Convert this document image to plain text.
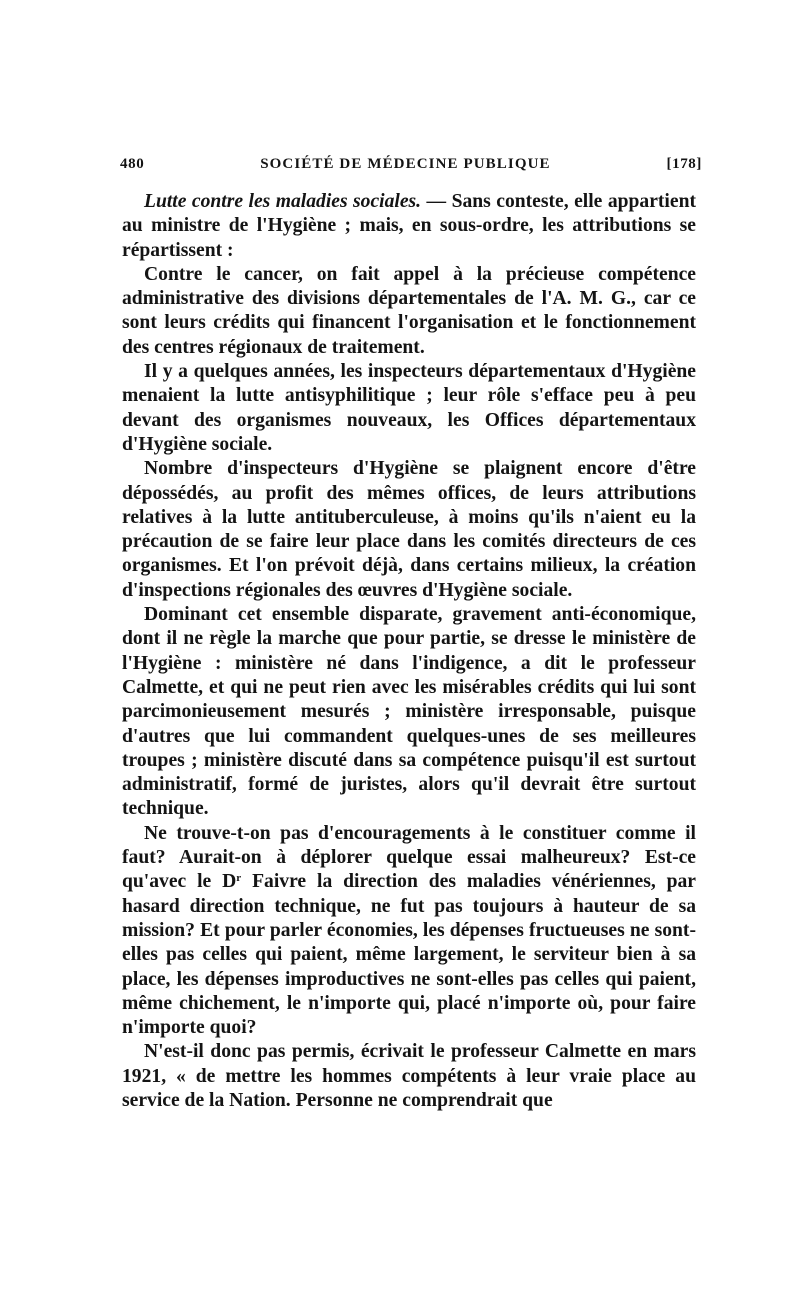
480	SOCIÉTÉ DE MÉDECINE PUBLIQUE	[178]

Lutte contre les maladies sociales. — Sans conteste, elle appartient au ministre de l'Hygiène ; mais, en sous-ordre, les attributions se répartissent :

Contre le cancer, on fait appel à la précieuse compétence administrative des divisions départementales de l'A. M. G., car ce sont leurs crédits qui financent l'organisation et le fonctionnement des centres régionaux de traitement.

Il y a quelques années, les inspecteurs départementaux d'Hygiène menaient la lutte antisyphilitique ; leur rôle s'efface peu à peu devant des organismes nouveaux, les Offices départementaux d'Hygiène sociale.

Nombre d'inspecteurs d'Hygiène se plaignent encore d'être dépossédés, au profit des mêmes offices, de leurs attributions relatives à la lutte antituberculeuse, à moins qu'ils n'aient eu la précaution de se faire leur place dans les comités directeurs de ces organismes. Et l'on prévoit déjà, dans certains milieux, la création d'inspections régionales des œuvres d'Hygiène sociale.

Dominant cet ensemble disparate, gravement anti-économique, dont il ne règle la marche que pour partie, se dresse le ministère de l'Hygiène : ministère né dans l'indigence, a dit le professeur Calmette, et qui ne peut rien avec les misérables crédits qui lui sont parcimonieusement mesurés ; ministère irresponsable, puisque d'autres que lui commandent quelques-unes de ses meilleures troupes ; ministère discuté dans sa compétence puisqu'il est surtout administratif, formé de juristes, alors qu'il devrait être surtout technique.

Ne trouve-t-on pas d'encouragements à le constituer comme il faut? Aurait-on à déplorer quelque essai malheureux? Est-ce qu'avec le $D^r$ Faivre la direction des maladies vénériennes, par hasard direction technique, ne fut pas toujours à hauteur de sa mission? Et pour parler économies, les dépenses fructueuses ne sont-elles pas celles qui paient, même largement, le serviteur bien à sa place, les dépenses improductives ne sont-elles pas celles qui paient, même chichement, le n'importe qui, placé n'importe où, pour faire n'importe quoi?

N'est-il donc pas permis, écrivait le professeur Calmette en mars 1921, « de mettre les hommes compétents à leur vraie place au service de la Nation. Personne ne comprendrait que
